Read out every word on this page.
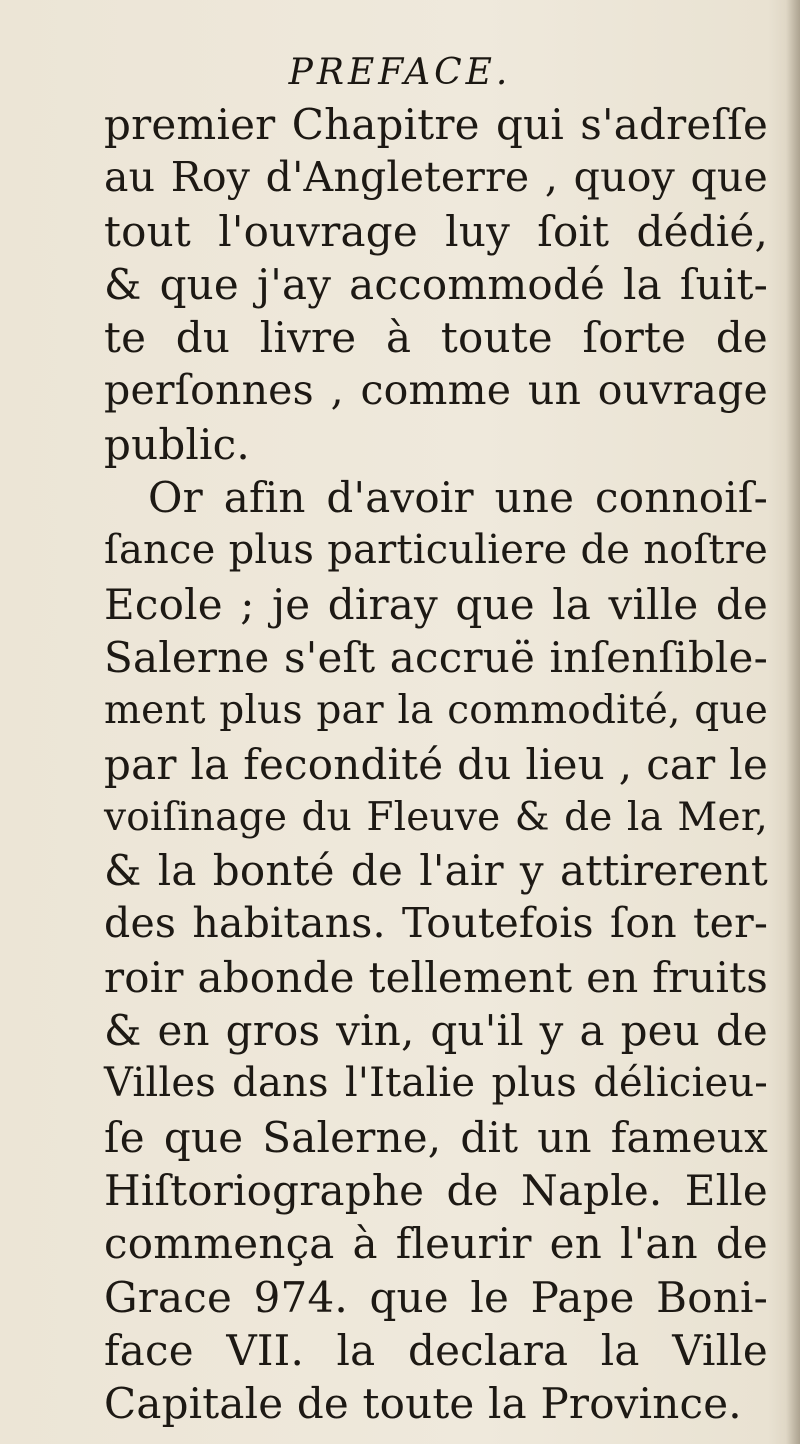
PREFACE.
premier Chapitre qui s'adreſſe
au Roy d'Angleterre , quoy que
tout l'ouvrage luy ſoit dédié,
& que j'ay accommodé la ſuit-
te du livre à toute ſorte de
perſonnes , comme un ouvrage
public.
Or afin d'avoir une connoiſ-
ſance plus particuliere de noſtre
Ecole ; je diray que la ville de
Salerne s'eſt accruë inſenſible-
ment plus par la commodité, que
par la fecondité du lieu , car le
voiſinage du Fleuve & de la Mer,
& la bonté de l'air y attirerent
des habitans. Toutefois ſon ter-
roir abonde tellement en fruits
& en gros vin, qu'il y a peu de
Villes dans l'Italie plus délicieu-
ſe que Salerne, dit un fameux
Hiſtoriographe de Naple. Elle
commença à fleurir en l'an de
Grace 974. que le Pape Boni-
face VII. la declara la Ville
Capitale de toute la Province.
